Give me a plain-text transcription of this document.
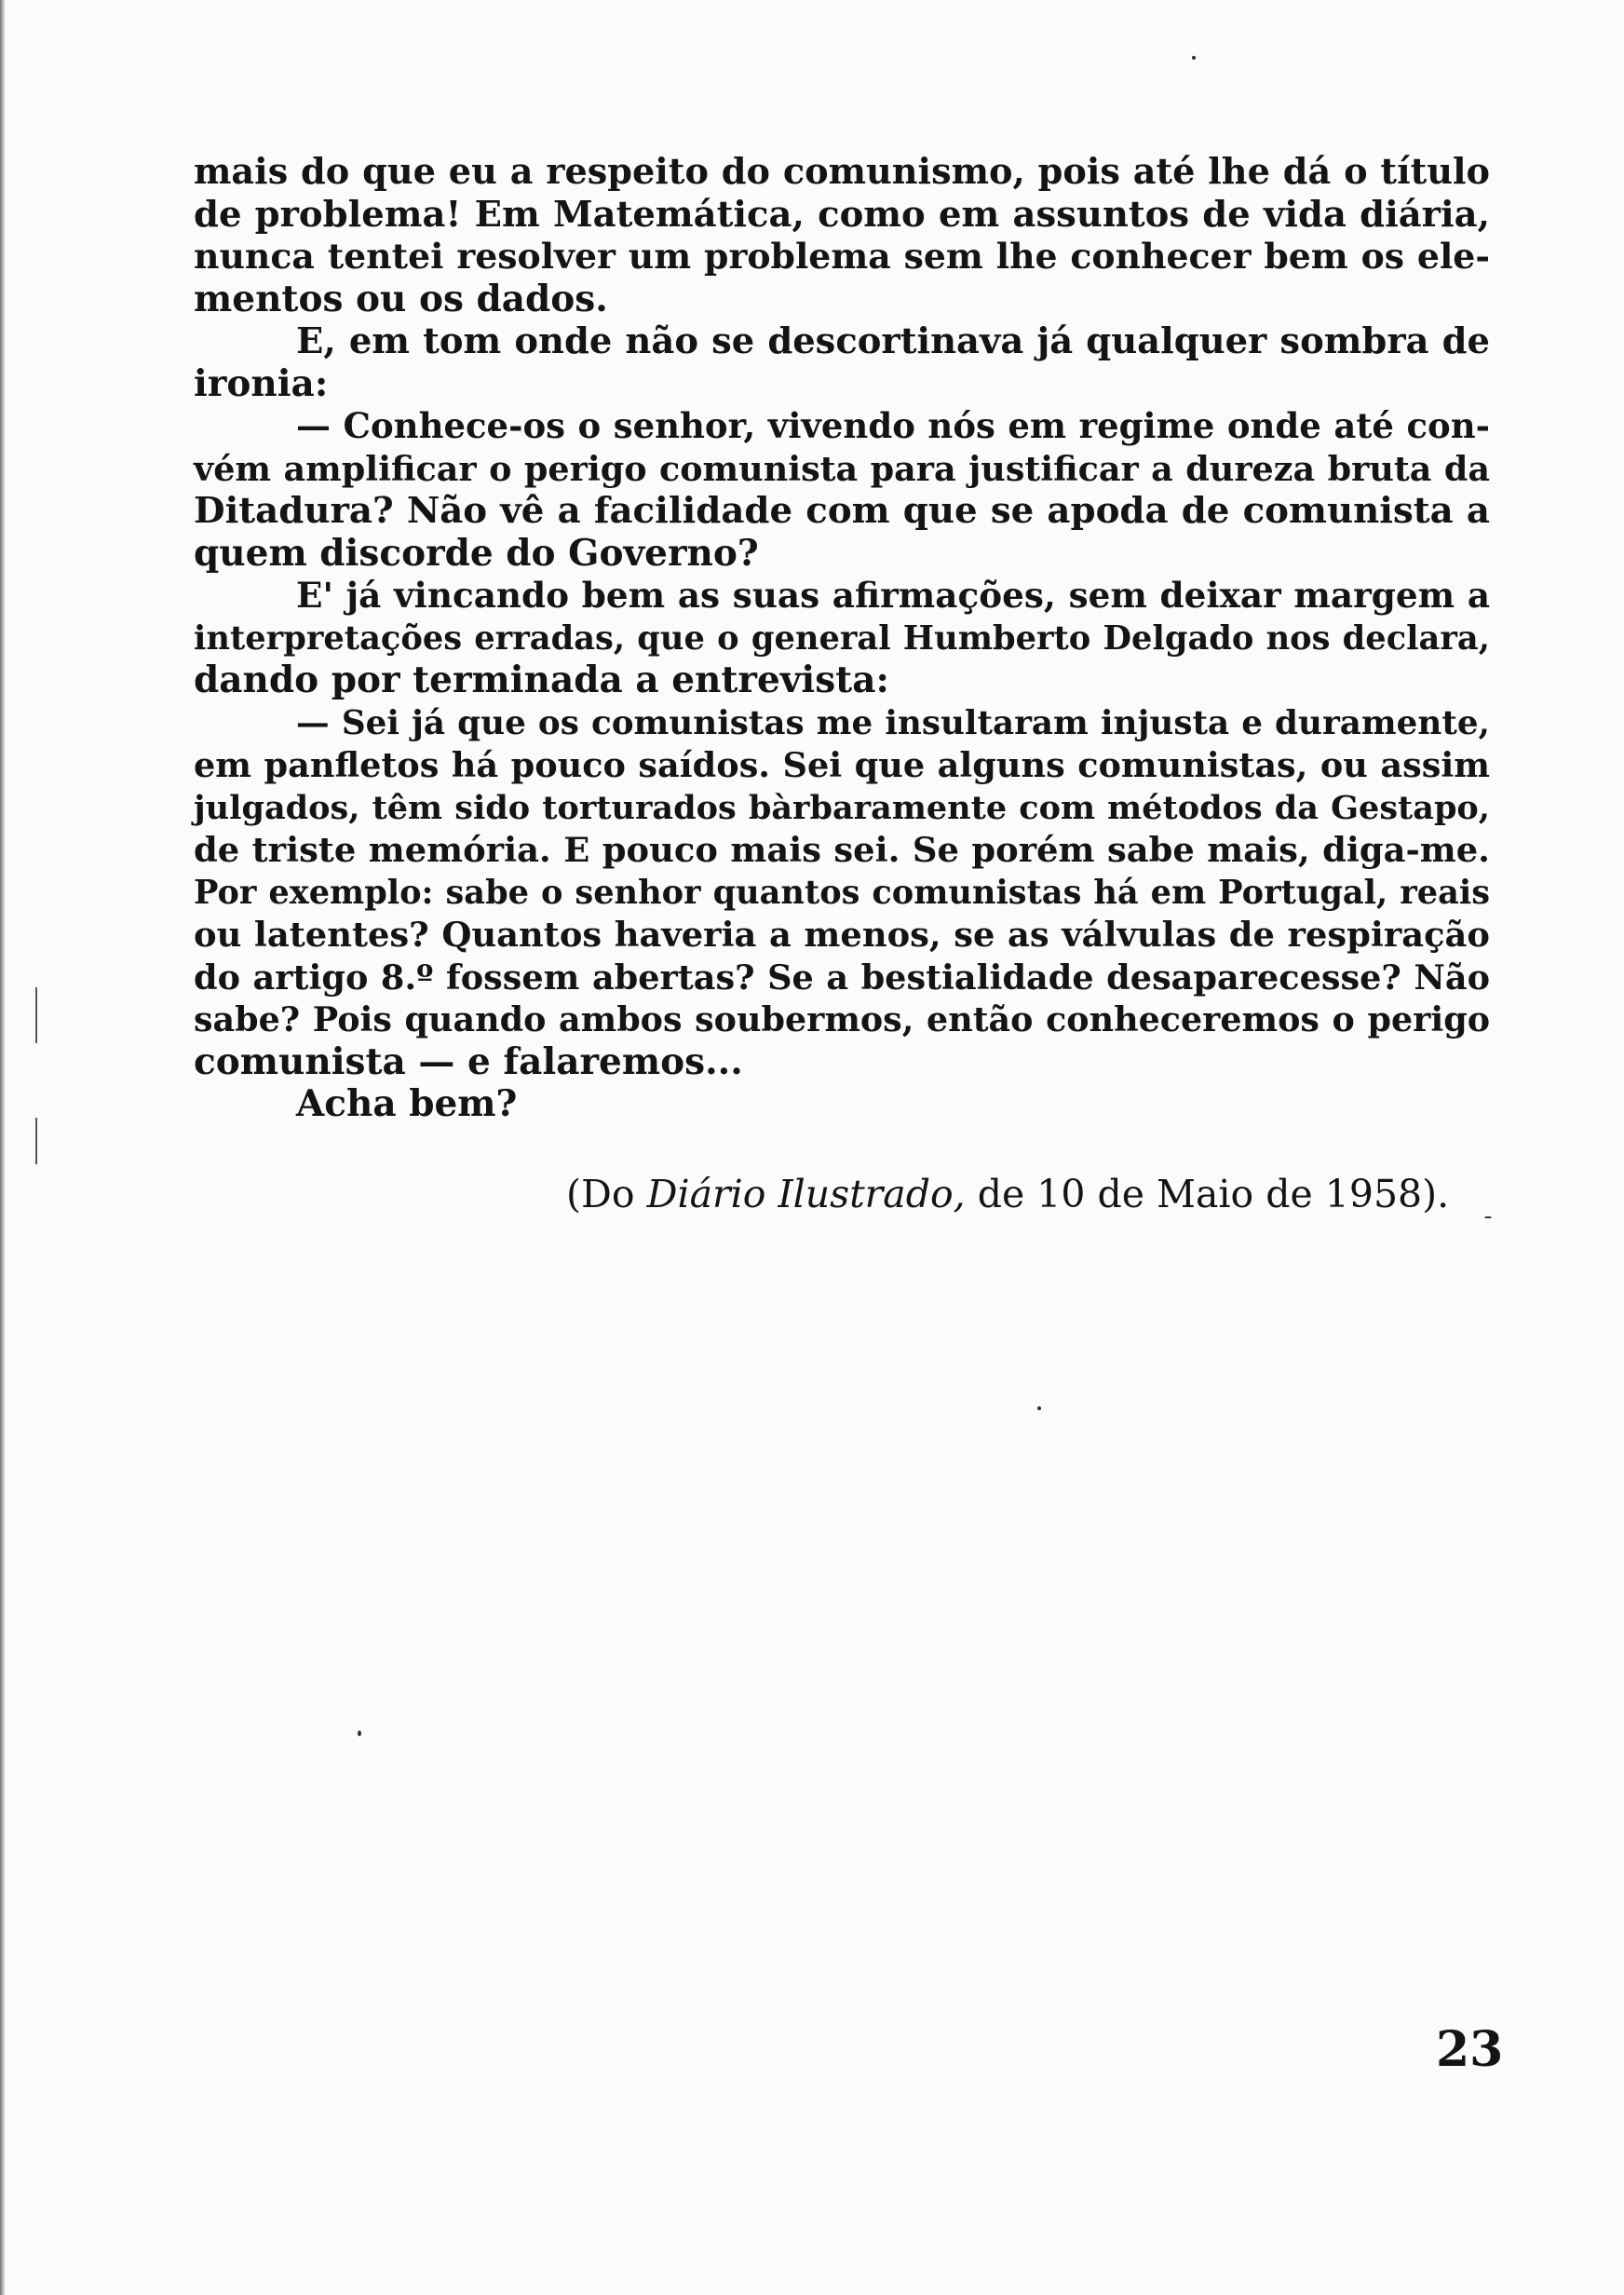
mais do que eu a respeito do comunismo, pois até lhe dá o título

de problema! Em Matemática, como em assuntos de vida diária,

nunca tentei resolver um problema sem lhe conhecer bem os ele-

mentos ou os dados.

E, em tom onde não se descortinava já qualquer sombra de

ironia:

— Conhece-os o senhor, vivendo nós em regime onde até con-

vém amplificar o perigo comunista para justificar a dureza bruta da

Ditadura? Não vê a facilidade com que se apoda de comunista a

quem discorde do Governo?

E' já vincando bem as suas afirmações, sem deixar margem a

interpretações erradas, que o general Humberto Delgado nos declara,

dando por terminada a entrevista:

— Sei já que os comunistas me insultaram injusta e duramente,

em panfletos há pouco saídos. Sei que alguns comunistas, ou assim

julgados, têm sido torturados bàrbaramente com métodos da Gestapo,

de triste memória. E pouco mais sei. Se porém sabe mais, diga-me.

Por exemplo: sabe o senhor quantos comunistas há em Portugal, reais

ou latentes? Quantos haveria a menos, se as válvulas de respiração

do artigo 8.º fossem abertas? Se a bestialidade desaparecesse? Não

sabe? Pois quando ambos soubermos, então conheceremos o perigo

comunista — e falaremos...

Acha bem?

(Do Diário Ilustrado, de 10 de Maio de 1958).
23
